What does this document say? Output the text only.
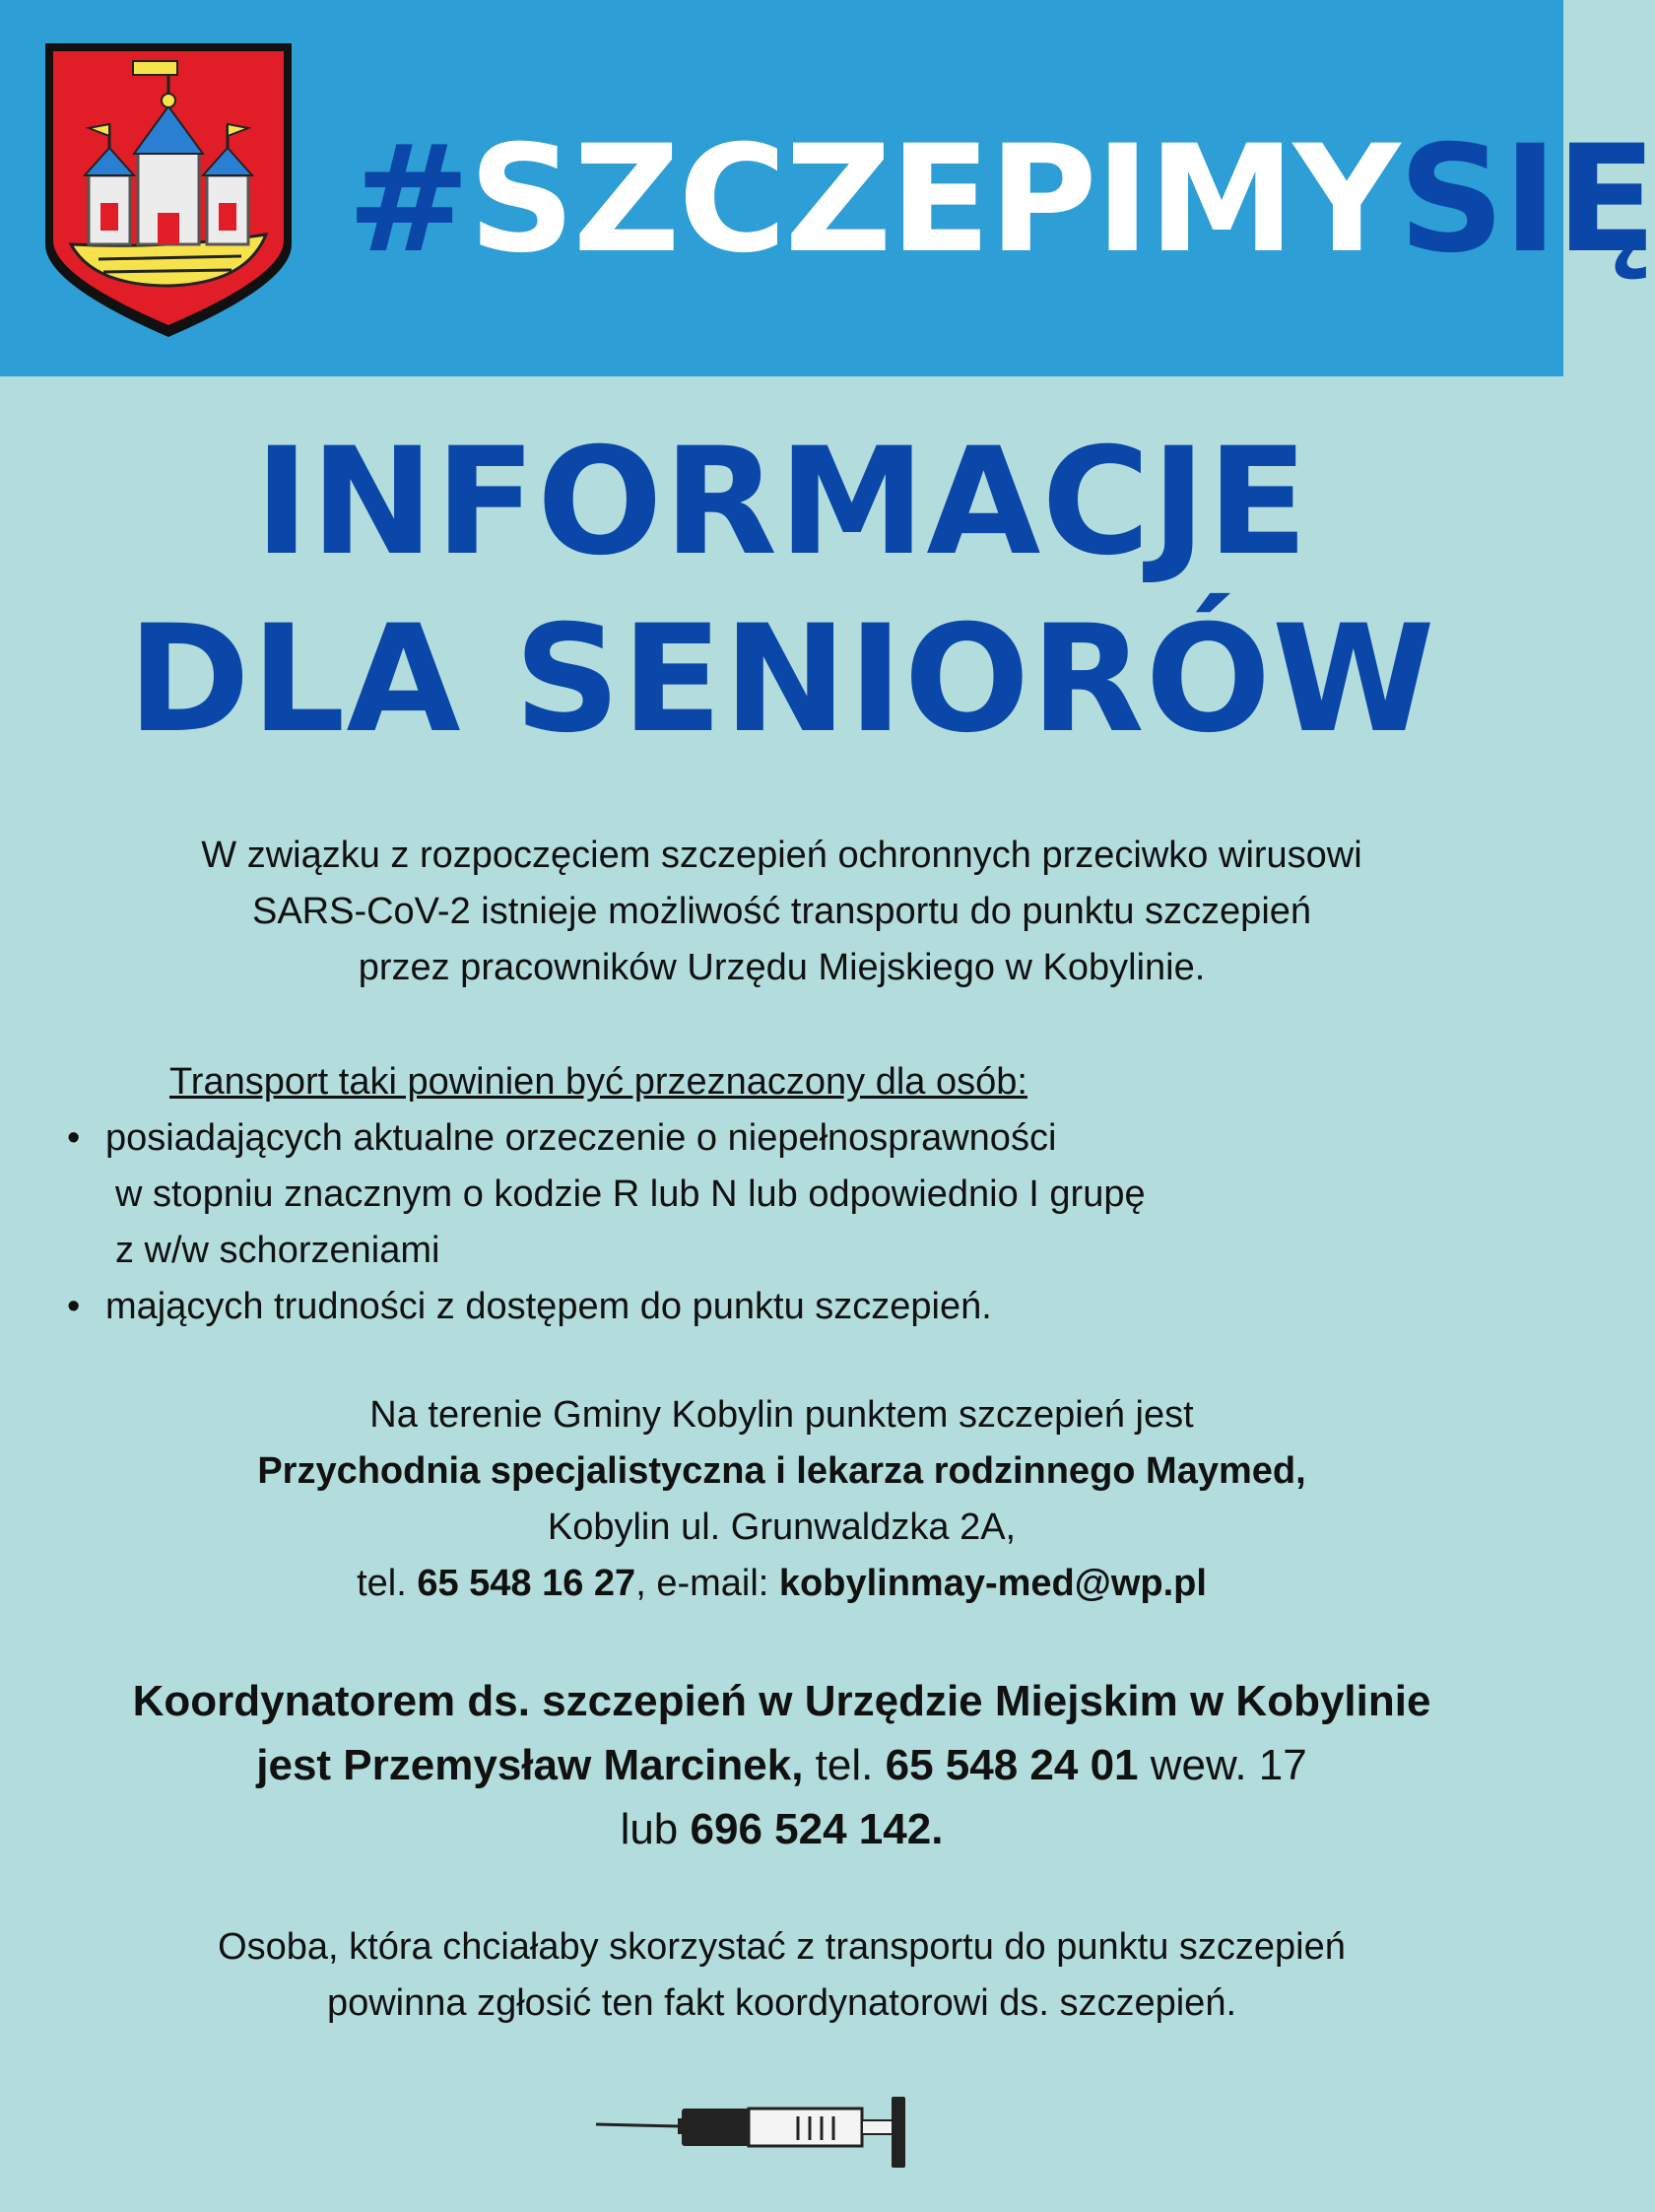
#SZCZEPIMYSIĘ
INFORMACJE
DLA SENIORÓW
W związku z rozpoczęciem szczepień ochronnych przeciwko wirusowi
SARS-CoV-2 istnieje możliwość transportu do punktu szczepień
przez pracowników Urzędu Miejskiego w Kobylinie.
Transport taki powinien być przeznaczony dla osób:
• posiadających aktualne orzeczenie o niepełnosprawności
w stopniu znacznym o kodzie R lub N lub odpowiednio I grupę
z w/w schorzeniami
• mających trudności z dostępem do punktu szczepień.
Na terenie Gminy Kobylin punktem szczepień jest
Przychodnia specjalistyczna i lekarza rodzinnego Maymed,
Kobylin ul. Grunwaldzka 2A,
tel. 65 548 16 27, e-mail: kobylinmay-med@wp.pl
Koordynatorem ds. szczepień w Urzędzie Miejskim w Kobylinie
jest Przemysław Marcinek, tel. 65 548 24 01 wew. 17
lub 696 524 142.
Osoba, która chciałaby skorzystać z transportu do punktu szczepień
powinna zgłosić ten fakt koordynatorowi ds. szczepień.
